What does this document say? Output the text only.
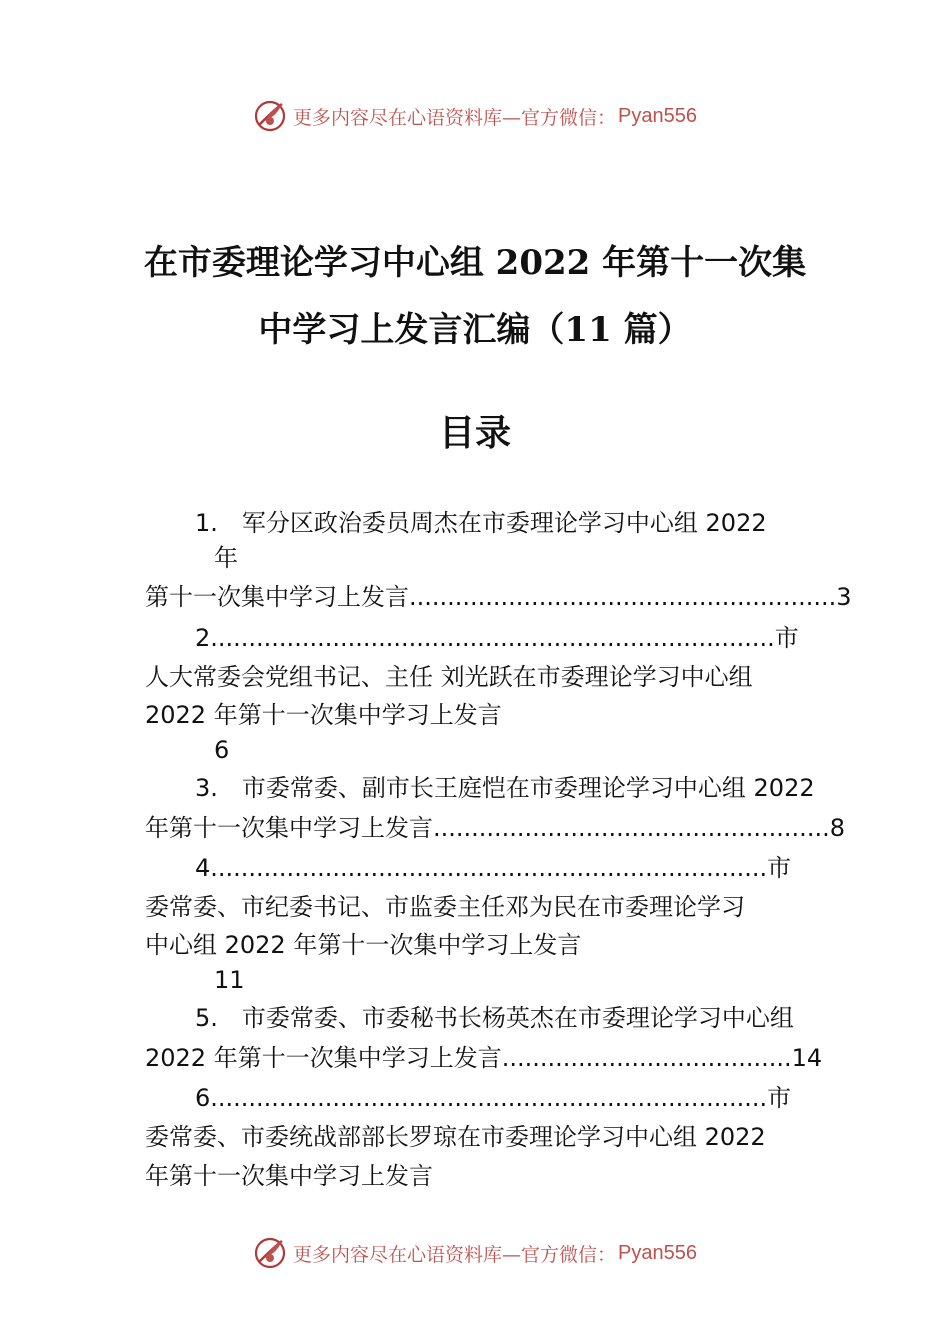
更多内容尽在心语资料库—官方微信： Pyan556
在市委理论学习中心组 2022 年第十一次集
中学习上发言汇编（11 篇）
目录
1.　军分区政治委员周杰在市委理论学习中心组 2022
年
第十一次集中学习上发言........................................................3
2..........................................................................市
人大常委会党组书记、主任 刘光跃在市委理论学习中心组
2022 年第十一次集中学习上发言
6
3.　市委常委、副市长王庭恺在市委理论学习中心组 2022
年第十一次集中学习上发言....................................................8
4.........................................................................市
委常委、市纪委书记、市监委主任邓为民在市委理论学习
中心组 2022 年第十一次集中学习上发言
11
5.　市委常委、市委秘书长杨英杰在市委理论学习中心组
2022 年第十一次集中学习上发言......................................14
6.........................................................................市
委常委、市委统战部部长罗琼在市委理论学习中心组 2022
年第十一次集中学习上发言
更多内容尽在心语资料库—官方微信： Pyan556
